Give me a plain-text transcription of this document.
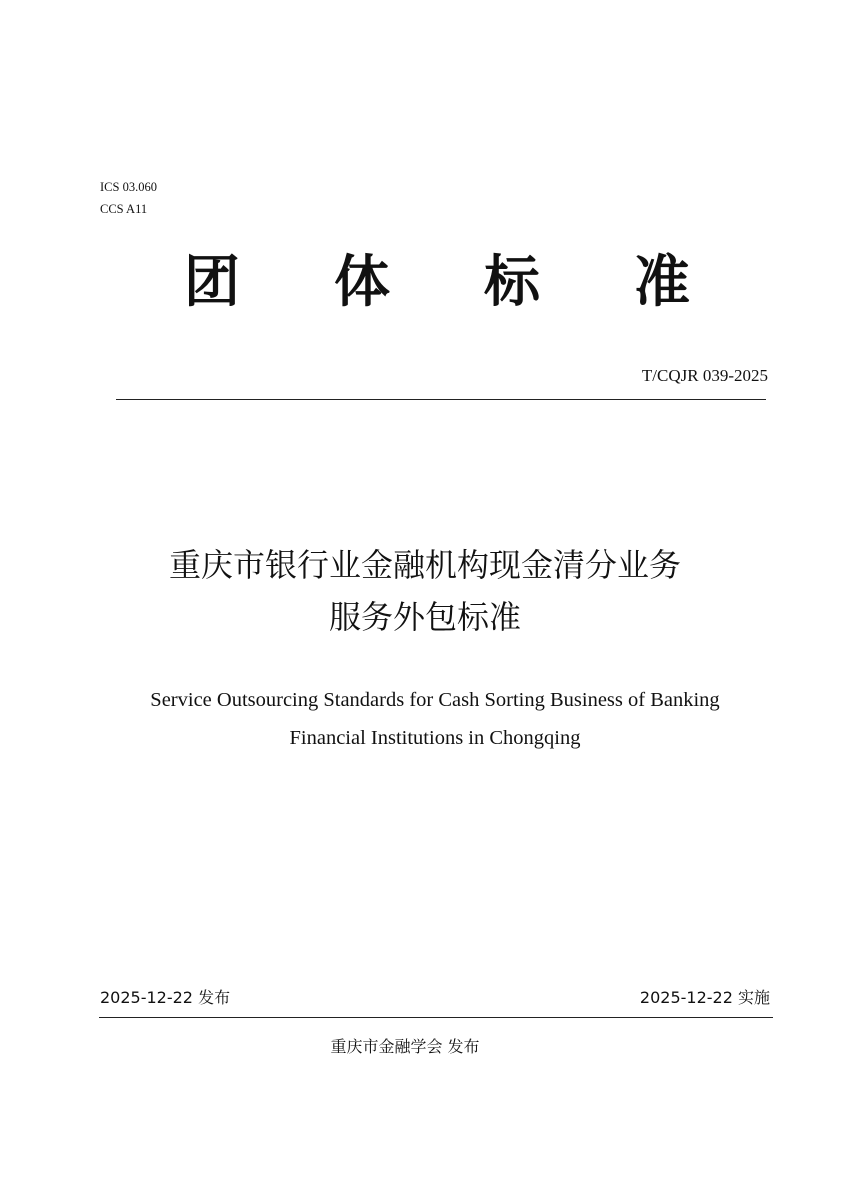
ICS 03.060
CCS A11
团 体 标 准
T/CQJR 039-2025
重庆市银行业金融机构现金清分业务
服务外包标准
Service Outsourcing Standards for Cash Sorting Business of Banking
Financial Institutions in Chongqing
2025-12-22 发布	2025-12-22 实施
重庆市金融学会 发布
